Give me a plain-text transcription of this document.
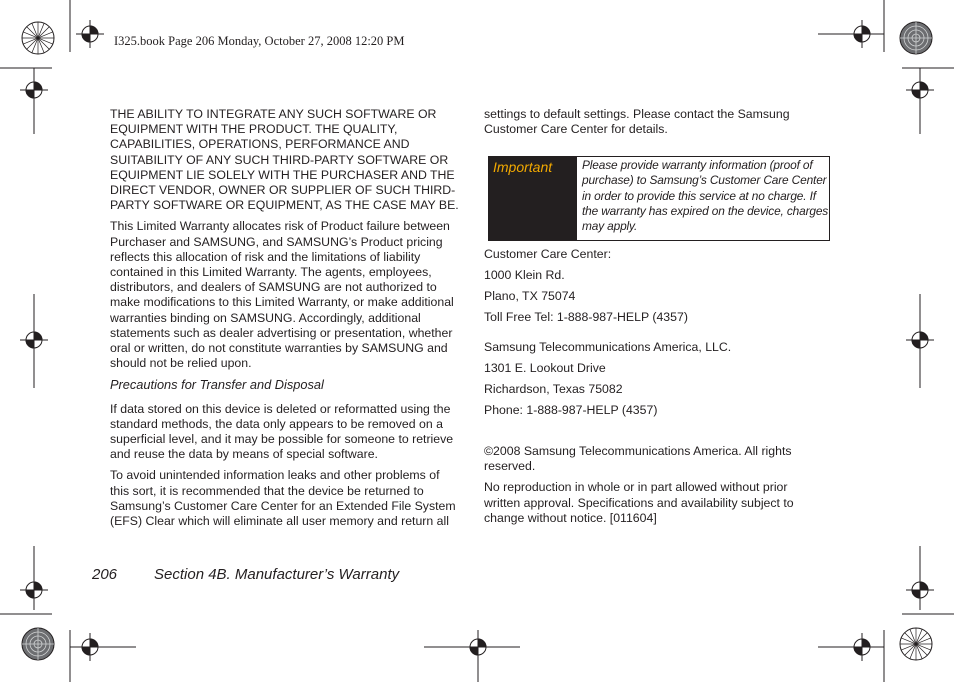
I325.book Page 206 Monday, October 27, 2008 12:20 PM
THE ABILITY TO INTEGRATE ANY SUCH SOFTWARE OR
EQUIPMENT WITH THE PRODUCT. THE QUALITY,
CAPABILITIES, OPERATIONS, PERFORMANCE AND
SUITABILITY OF ANY SUCH THIRD-PARTY SOFTWARE OR
EQUIPMENT LIE SOLELY WITH THE PURCHASER AND THE
DIRECT VENDOR, OWNER OR SUPPLIER OF SUCH THIRD-
PARTY SOFTWARE OR EQUIPMENT, AS THE CASE MAY BE.
This Limited Warranty allocates risk of Product failure between
Purchaser and SAMSUNG, and SAMSUNG’s Product pricing
reflects this allocation of risk and the limitations of liability
contained in this Limited Warranty. The agents, employees,
distributors, and dealers of SAMSUNG are not authorized to
make modifications to this Limited Warranty, or make additional
warranties binding on SAMSUNG. Accordingly, additional
statements such as dealer advertising or presentation, whether
oral or written, do not constitute warranties by SAMSUNG and
should not be relied upon.
Precautions for Transfer and Disposal
If data stored on this device is deleted or reformatted using the
standard methods, the data only appears to be removed on a
superficial level, and it may be possible for someone to retrieve
and reuse the data by means of special software.
To avoid unintended information leaks and other problems of
this sort, it is recommended that the device be returned to
Samsung’s Customer Care Center for an Extended File System
(EFS) Clear which will eliminate all user memory and return all
settings to default settings. Please contact the Samsung
Customer Care Center for details.
Important	Please provide warranty information (proof of
purchase) to Samsung’s Customer Care Center
in order to provide this service at no charge. If
the warranty has expired on the device, charges
may apply.
Customer Care Center:
1000 Klein Rd.
Plano, TX 75074
Toll Free Tel: 1-888-987-HELP (4357)
Samsung Telecommunications America, LLC.
1301 E. Lookout Drive
Richardson, Texas 75082
Phone: 1-888-987-HELP (4357)
©2008 Samsung Telecommunications America. All rights
reserved.
No reproduction in whole or in part allowed without prior
written approval. Specifications and availability subject to
change without notice. [011604]
206 Section 4B. Manufacturer’s Warranty
